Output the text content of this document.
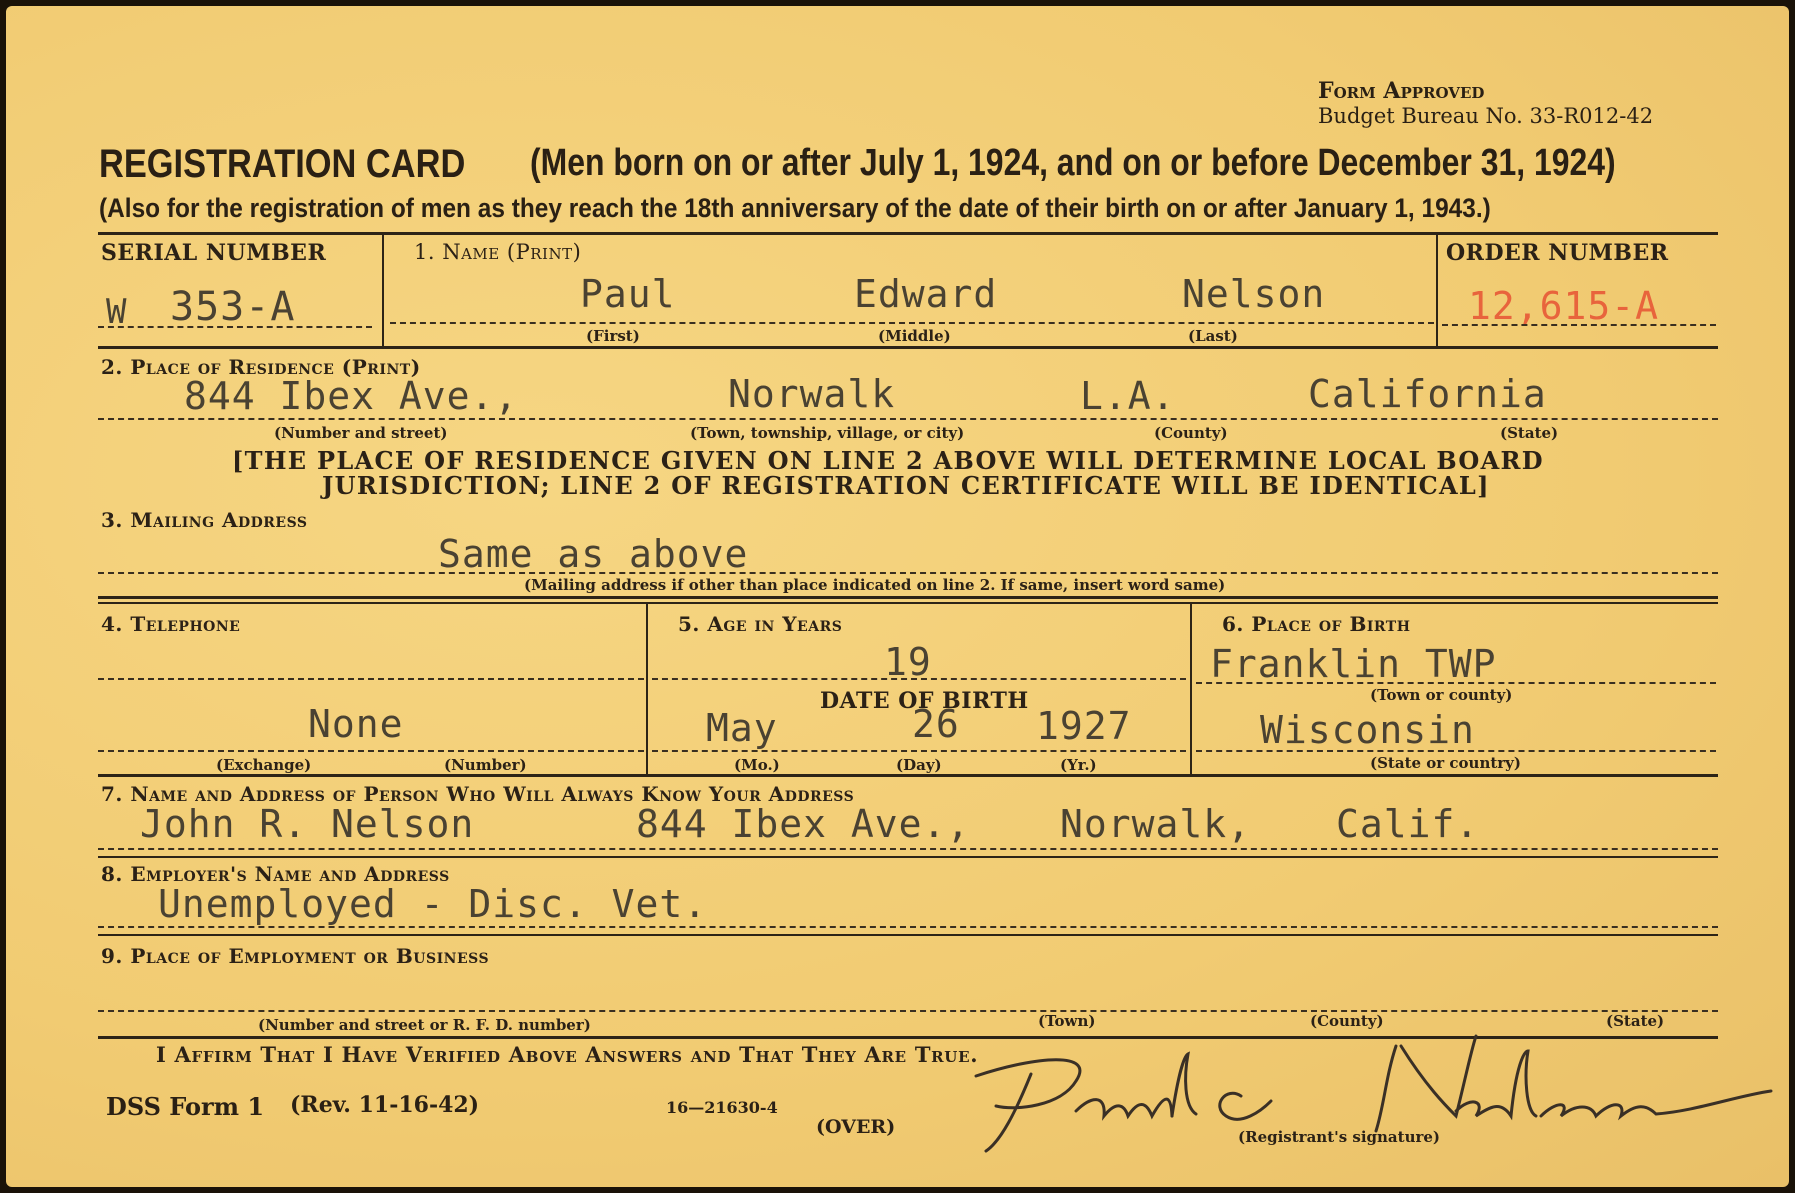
Form Approved
Budget Bureau No. 33-R012-42
REGISTRATION CARD (Men born on or after July 1, 1924, and on or before December 31, 1924)
(Also for the registration of men as they reach the 18th anniversary of the date of their birth on or after January 1, 1943.)
SERIAL NUMBER
W 353-A
1. Name (Print)
Paul	Edward	Nelson
(First)	(Middle)	(Last)
ORDER NUMBER
12,615-A
2. Place of Residence (Print)
844 Ibex Ave.,	Norwalk	L.A.	California
(Number and street)	(Town, township, village, or city)	(County)	(State)
[THE PLACE OF RESIDENCE GIVEN ON LINE 2 ABOVE WILL DETERMINE LOCAL BOARD
JURISDICTION; LINE 2 OF REGISTRATION CERTIFICATE WILL BE IDENTICAL]
3. Mailing Address
Same as above
(Mailing address if other than place indicated on line 2. If same, insert word same)
4. Telephone
None
(Exchange)	(Number)
5. Age in Years
19
DATE OF BIRTH
May	26 1927
(Mo.)	(Day)	(Yr.)
6. Place of Birth
Franklin TWP
(Town or county)
Wisconsin
(State or country)
7. Name and Address of Person Who Will Always Know Your Address
John R. Nelson	844 Ibex Ave., Norwalk, Calif.
8. Employer's Name and Address
Unemployed - Disc. Vet.
9. Place of Employment or Business
(Number and street or R. F. D. number)	(Town)	(County)	(State)
I Affirm That I Have Verified Above Answers and That They Are True.
DSS Form 1 (Rev. 11-16-42)	16—21630-4
(OVER)	(Registrant's signature)
